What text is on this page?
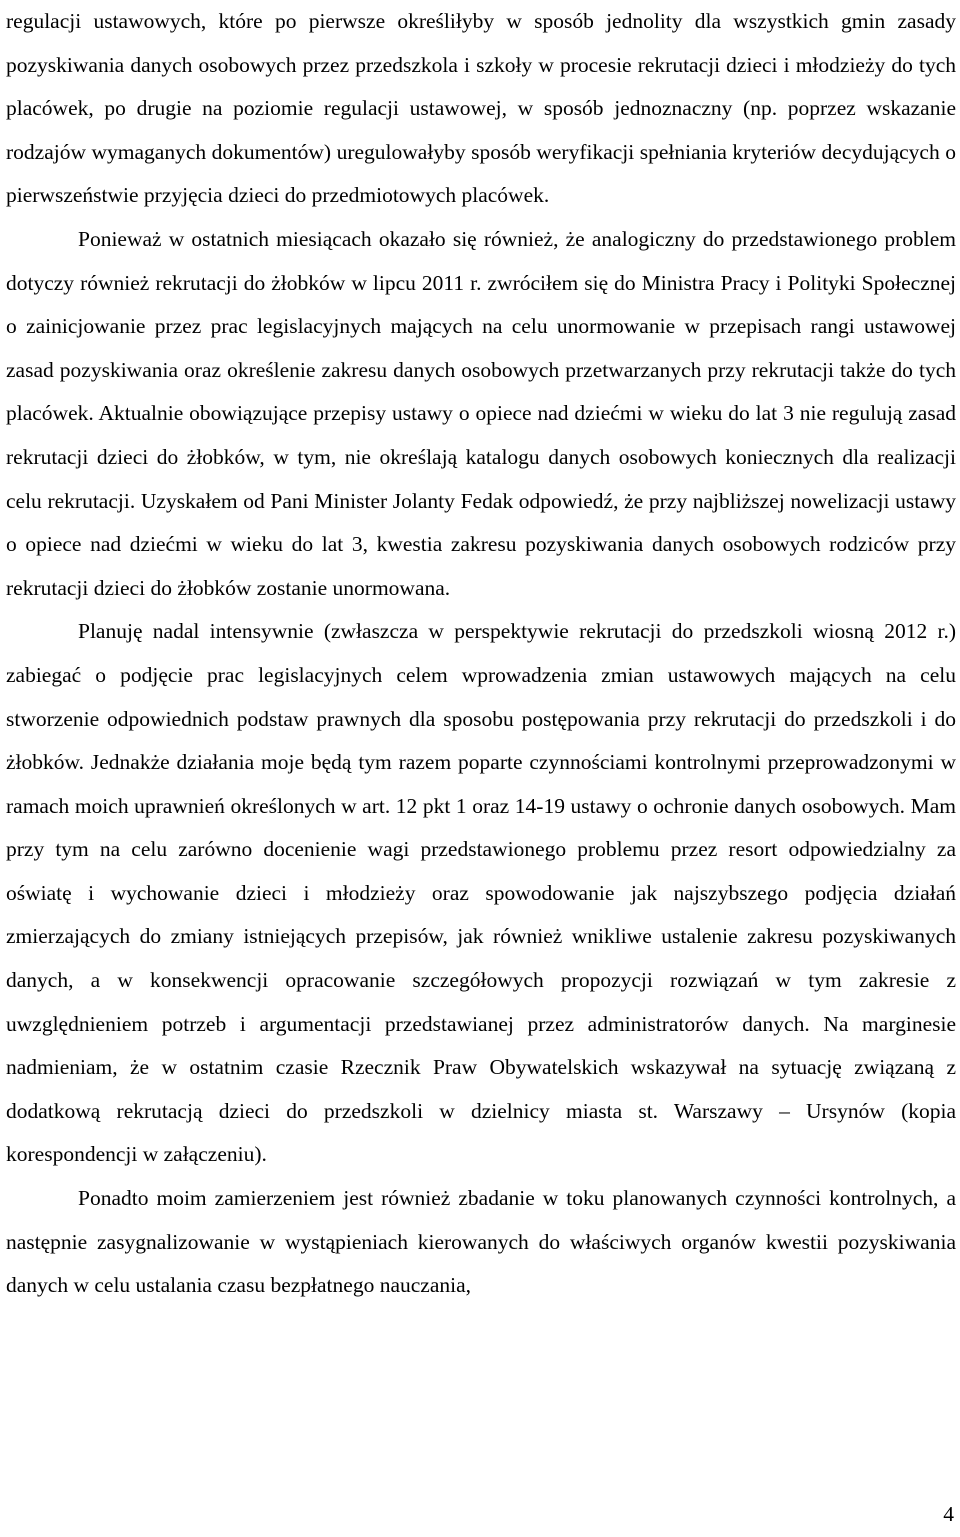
regulacji ustawowych, które po pierwsze określiłyby w sposób jednolity dla wszystkich gmin zasady pozyskiwania danych osobowych przez przedszkola i szkoły w procesie rekrutacji dzieci i młodzieży do tych placówek, po drugie na poziomie regulacji ustawowej, w sposób jednoznaczny (np. poprzez wskazanie rodzajów wymaganych dokumentów) uregulowałyby sposób weryfikacji spełniania kryteriów decydujących o pierwszeństwie przyjęcia dzieci do przedmiotowych placówek.

Ponieważ w ostatnich miesiącach okazało się również, że analogiczny do przedstawionego problem dotyczy również rekrutacji do żłobków w lipcu 2011 r. zwróciłem się do Ministra Pracy i Polityki Społecznej o zainicjowanie przez prac legislacyjnych mających na celu unormowanie w przepisach rangi ustawowej zasad pozyskiwania oraz określenie zakresu danych osobowych przetwarzanych przy rekrutacji także do tych placówek. Aktualnie obowiązujące przepisy ustawy o opiece nad dziećmi w wieku do lat 3 nie regulują zasad rekrutacji dzieci do żłobków, w tym, nie określają katalogu danych osobowych koniecznych dla realizacji celu rekrutacji. Uzyskałem od Pani Minister Jolanty Fedak odpowiedź, że przy najbliższej nowelizacji ustawy o opiece nad dziećmi w wieku do lat 3, kwestia zakresu pozyskiwania danych osobowych rodziców przy rekrutacji dzieci do żłobków zostanie unormowana.

Planuję nadal intensywnie (zwłaszcza w perspektywie rekrutacji do przedszkoli wiosną 2012 r.) zabiegać o podjęcie prac legislacyjnych celem wprowadzenia zmian ustawowych mających na celu stworzenie odpowiednich podstaw prawnych dla sposobu postępowania przy rekrutacji do przedszkoli i do żłobków. Jednakże działania moje będą tym razem poparte czynnościami kontrolnymi przeprowadzonymi w ramach moich uprawnień określonych w art. 12 pkt 1 oraz 14-19 ustawy o ochronie danych osobowych. Mam przy tym na celu zarówno docenienie wagi przedstawionego problemu przez resort odpowiedzialny za oświatę i wychowanie dzieci i młodzieży oraz spowodowanie jak najszybszego podjęcia działań zmierzających do zmiany istniejących przepisów, jak również wnikliwe ustalenie zakresu pozyskiwanych danych, a w konsekwencji opracowanie szczegółowych propozycji rozwiązań w tym zakresie z uwzględnieniem potrzeb i argumentacji przedstawianej przez administratorów danych. Na marginesie nadmieniam, że w ostatnim czasie Rzecznik Praw Obywatelskich wskazywał na sytuację związaną z dodatkową rekrutacją dzieci do przedszkoli w dzielnicy miasta st. Warszawy – Ursynów (kopia korespondencji w załączeniu).

Ponadto moim zamierzeniem jest również zbadanie w toku planowanych czynności kontrolnych, a następnie zasygnalizowanie w wystąpieniach kierowanych do właściwych organów kwestii pozyskiwania danych w celu ustalania czasu bezpłatnego nauczania,

4
